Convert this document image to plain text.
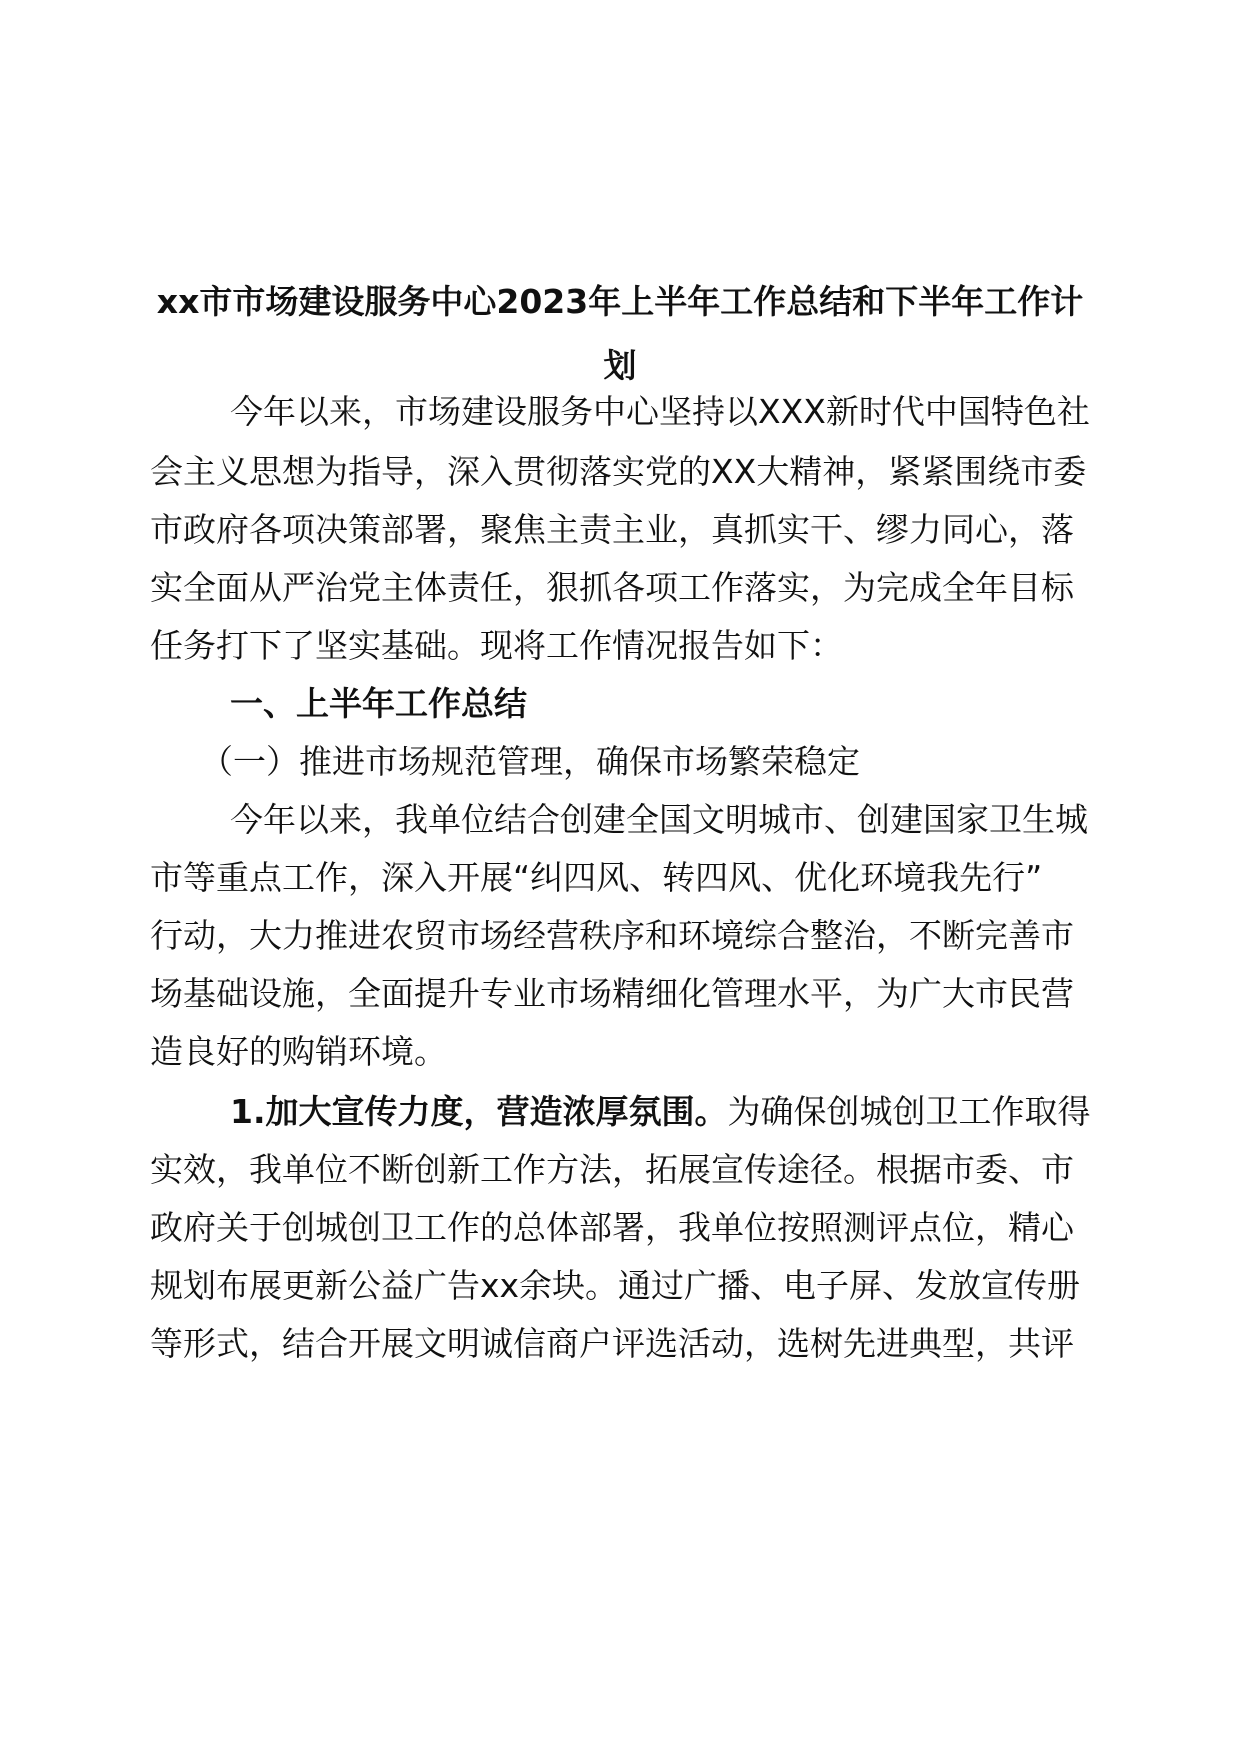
xx市市场建设服务中心2023年上半年工作总结和下半年工作计划
今年以来，市场建设服务中心坚持以XXX新时代中国特色社
会主义思想为指导，深入贯彻落实党的XX大精神，紧紧围绕市委
市政府各项决策部署，聚焦主责主业，真抓实干、缪力同心，落
实全面从严治党主体责任，狠抓各项工作落实，为完成全年目标
任务打下了坚实基础。现将工作情况报告如下：
一、上半年工作总结
（一）推进市场规范管理，确保市场繁荣稳定
今年以来，我单位结合创建全国文明城市、创建国家卫生城
市等重点工作，深入开展“纠四风、转四风、优化环境我先行”
行动，大力推进农贸市场经营秩序和环境综合整治，不断完善市
场基础设施，全面提升专业市场精细化管理水平，为广大市民营
造良好的购销环境。
1.加大宣传力度，营造浓厚氛围。为确保创城创卫工作取得
实效，我单位不断创新工作方法，拓展宣传途径。根据市委、市
政府关于创城创卫工作的总体部署，我单位按照测评点位，精心
规划布展更新公益广告xx余块。通过广播、电子屏、发放宣传册
等形式，结合开展文明诚信商户评选活动，选树先进典型，共评
